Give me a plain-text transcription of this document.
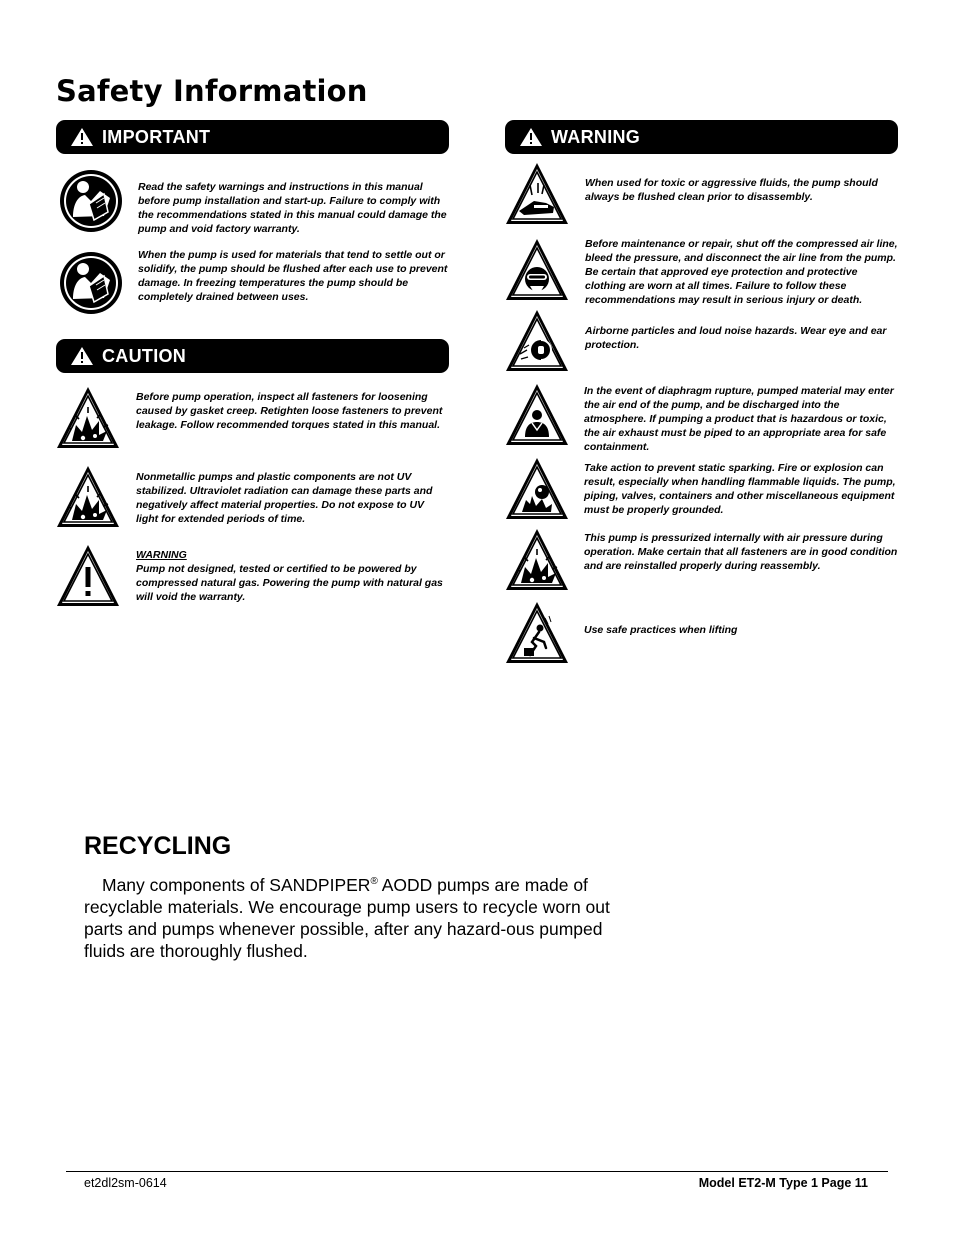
Safety Information
IMPORTANT
Read the safety warnings and instructions in this manual before pump installation and start-up. Failure to comply with the recommendations stated in this manual could damage the pump and void factory warranty.
When the pump is used for materials that tend to settle out or solidify, the pump should be flushed after each use to prevent damage. In freezing temperatures the pump should be completely drained between uses.
CAUTION
Before pump operation, inspect all fasteners for loosening caused by gasket creep. Retighten loose fasteners to prevent leakage. Follow recommended torques stated in this manual.
Nonmetallic pumps and plastic components are not UV stabilized. Ultraviolet radiation can damage these parts and negatively affect material properties. Do not expose to UV light for extended periods of time.
WARNING
Pump not designed, tested or certified to be powered by compressed natural gas. Powering the pump with natural gas will void the warranty.
WARNING
When used for toxic or aggressive fluids, the pump should always be flushed clean prior to disassembly.
Before maintenance or repair, shut off the compressed air line, bleed the pressure, and disconnect the air line from the pump. Be certain that approved eye protection and protective clothing are worn at all times. Failure to follow these recommendations may result in serious injury or death.
Airborne particles and loud noise hazards. Wear eye and ear protection.
In the event of diaphragm rupture, pumped material may enter the air end of the pump, and be discharged into the atmosphere. If pumping a product that is hazardous or toxic, the air exhaust must be piped to an appropriate area for safe containment.
Take action to prevent static sparking. Fire or explosion can result, especially when handling flammable liquids. The pump, piping, valves, containers and other miscellaneous equipment must be properly grounded.
This pump is pressurized internally with air pressure during operation. Make certain that all fasteners are in good condition and are reinstalled properly during reassembly.
Use safe practices when lifting
RECYCLING

Many components of SANDPIPER® AODD pumps are made of recyclable materials. We encourage pump users to recycle worn out parts and pumps whenever possible, after any hazard-ous pumped fluids are thoroughly flushed.

et2dl2sm-0614	Model ET2-M Type 1 Page 11
